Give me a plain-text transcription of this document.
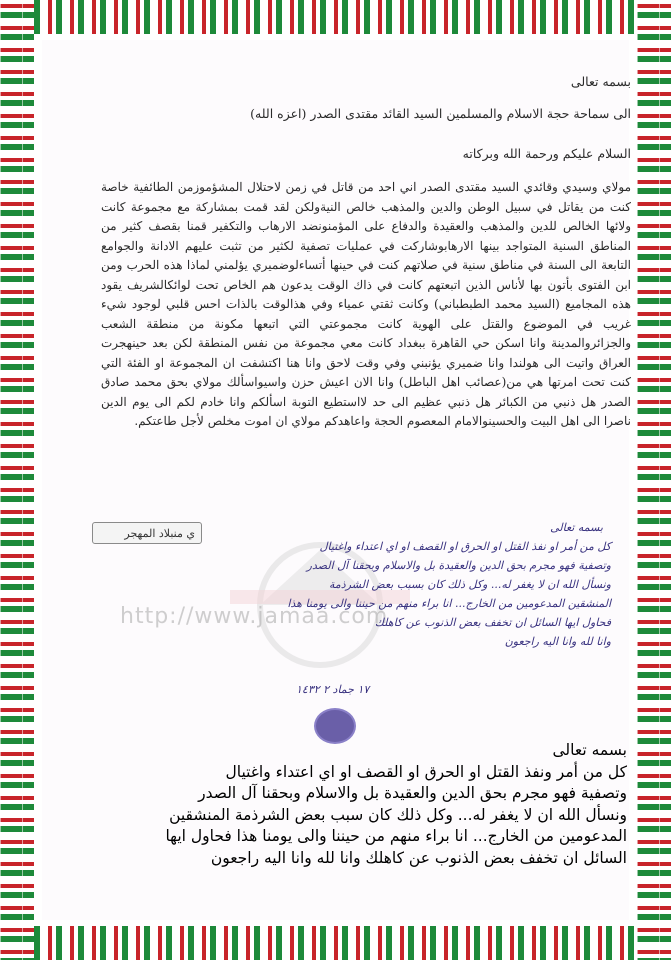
http://www.jamaa.com
بسمه تعالى
الى سماحة حجة الاسلام والمسلمين السيد القائد مقتدى الصدر (اعزه الله)
السلام عليكم ورحمة الله وبركاته
مولاي وسيدي وقائدي السيد مقتدى الصدر اني احد من قاتل في زمن لاحتلال المشؤموزمن الطائفية خاصة كنت من يقاتل في سبيل الوطن والدين والمذهب خالص النيةولكن لقد قمت بمشاركة مع مجموعة كانت ولائها الخالص للدين والمذهب والعقيدة والدفاع على المؤمنونضد الارهاب والتكفير قمنا بقصف كثير من المناطق السنية المتواجد بينها الارهابوشاركت في عمليات تصفية لكثير من تثبت عليهم الادانة والجوامع التابعة الى السنة في مناطق سنية في صلاتهم كنت في حينها أتساءلوضميري يؤلمني لماذا هذه الحرب ومن ابن الفتوى بأتون بها لأناس الذين اتبعتهم كانت في ذاك الوقت يدعون هم الخاص تحت لوائكالشريف يقود هذه المجاميع (السيد محمد الطبطباني) وكانت ثقتي عمياء وفي هذالوقت بالذات احس قلبي لوجود شيء غريب في الموضوع والقتل على الهوية كانت مجموعتي التي اتبعها مكونة من منطقة الشعب والجزائروالمدينة وانا اسكن حي القاهرة ببغداد كانت معي مجموعة من نفس المنطقة لكن بعد حينهجرت العراق واتيت الى هولندا وانا ضميري يؤنبني وفي وقت لاحق وانا هنا اكتشفت ان المجموعة او الفئة التي كنت تحت امرتها هي من(عصائب اهل الباطل) وانا الان اعيش حزن واسيواسألك مولاي بحق محمد صادق الصدر هل ذنبي من الكبائر هل ذنبي عظيم الى حد لااستطيع التوبة اسألكم وانا خادم لكم الى يوم الدين ناصرا الى اهل البيت والحسينوالامام المعصوم الحجة واعاهدكم مولاي ان اموت مخلص لأجل طاعتكم.
ي منبلاد المهجر	بسمه تعالى
كل من أمر او نفذ القتل او الحرق او القصف او اي اعتداء واغتيال
وتصفية فهو مجرم بحق الدين والعقيدة بل والاسلام وبحقنا آل الصدر
ونسأل الله ان لا يغفر له... وكل ذلك كان بسبب بعض الشرذمة
المنشقين المدعومين من الخارج... انا براء منهم من حيننا والى يومنا هذا
فحاول ايها السائل ان تخفف بعض الذنوب عن كاهلك
وانا لله وانا اليه راجعون
١٧ جماد ٢ ١٤٣٢
بسمه تعالى
كل من أمر ونفذ القتل او الحرق او القصف او اي اعتداء واغتيال
وتصفية فهو مجرم بحق الدين والعقيدة بل والاسلام وبحقنا آل الصدر
ونسأل الله ان لا يغفر له... وكل ذلك كان سبب بعض الشرذمة المنشقين
المدعومين من الخارج... انا براء منهم من حيننا والى يومنا هذا فحاول ايها
السائل ان تخفف بعض الذنوب عن كاهلك وانا لله وانا اليه راجعون
